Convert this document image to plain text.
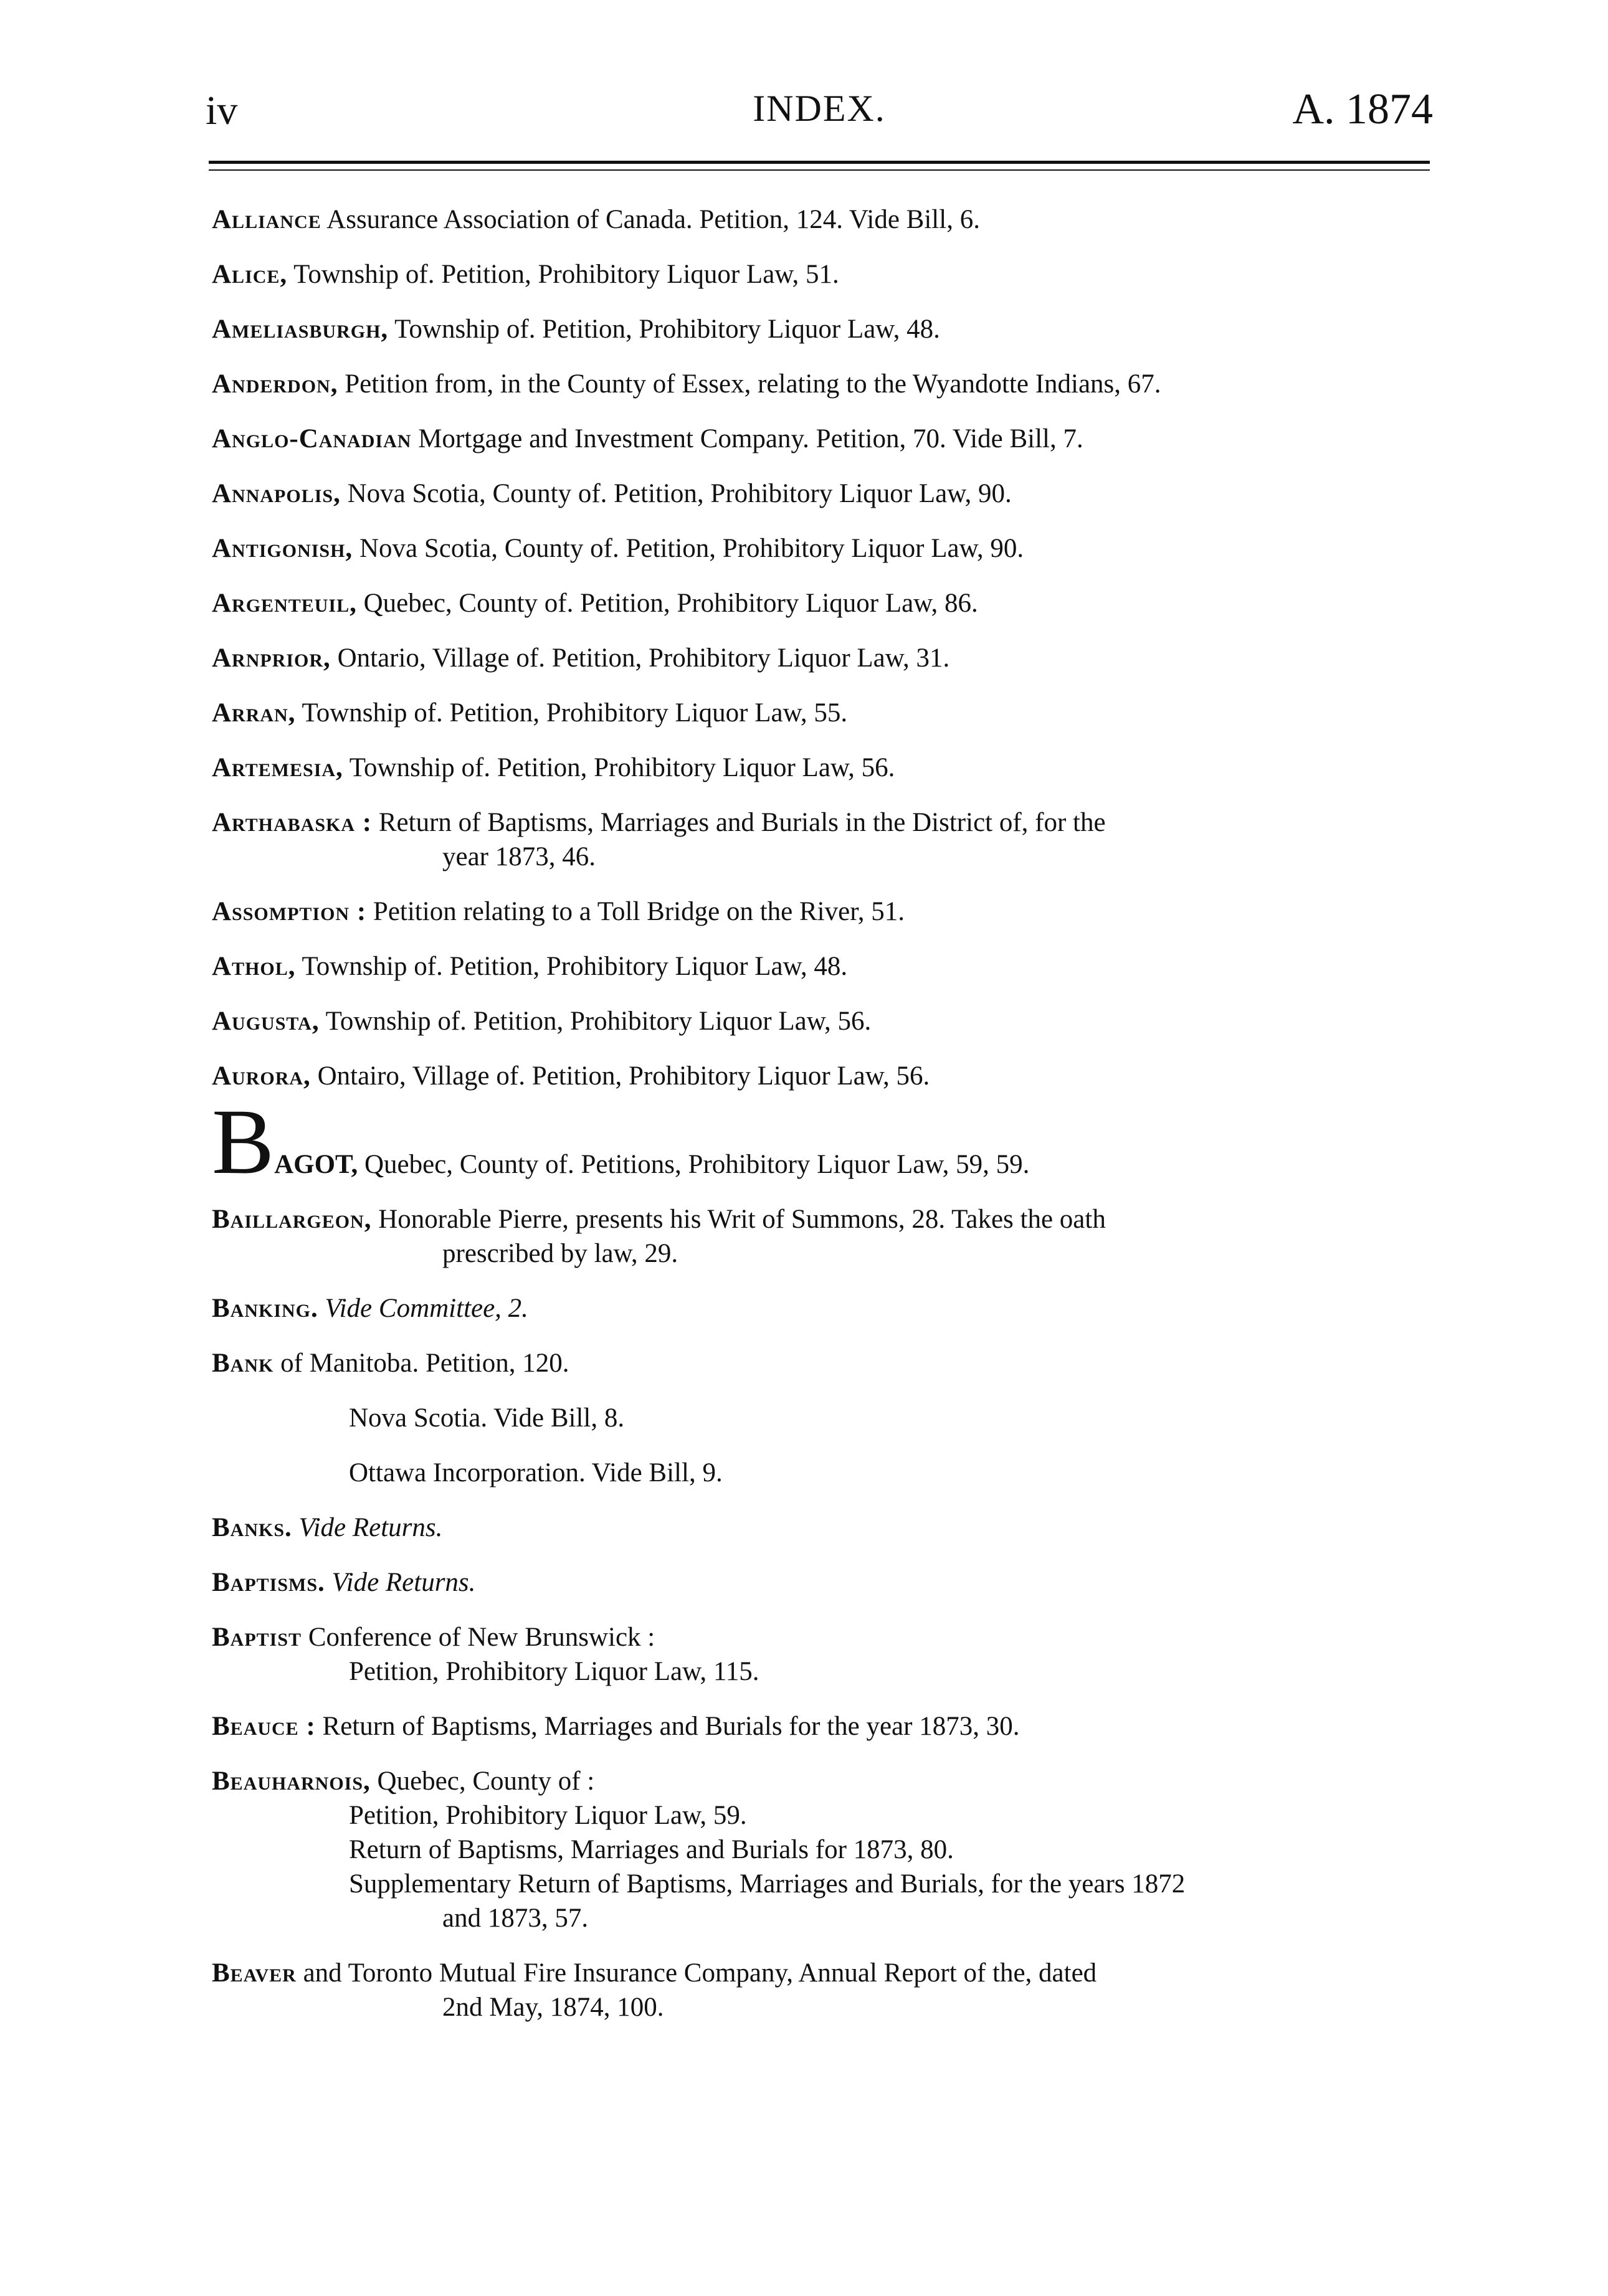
iv	INDEX.	A. 1874

Alliance Assurance Association of Canada. Petition, 124. Vide Bill, 6.

Alice, Township of. Petition, Prohibitory Liquor Law, 51.

Ameliasburgh, Township of. Petition, Prohibitory Liquor Law, 48.

Anderdon, Petition from, in the County of Essex, relating to the Wyandotte Indians, 67.

Anglo-Canadian Mortgage and Investment Company. Petition, 70. Vide Bill, 7.

Annapolis, Nova Scotia, County of. Petition, Prohibitory Liquor Law, 90.

Antigonish, Nova Scotia, County of. Petition, Prohibitory Liquor Law, 90.

Argenteuil, Quebec, County of. Petition, Prohibitory Liquor Law, 86.

Arnprior, Ontario, Village of. Petition, Prohibitory Liquor Law, 31.

Arran, Township of. Petition, Prohibitory Liquor Law, 55.

Artemesia, Township of. Petition, Prohibitory Liquor Law, 56.

Arthabaska : Return of Baptisms, Marriages and Burials in the District of, for the
year 1873, 46.

Assomption : Petition relating to a Toll Bridge on the River, 51.

Athol, Township of. Petition, Prohibitory Liquor Law, 48.

Augusta, Township of. Petition, Prohibitory Liquor Law, 56.

Aurora, Ontairo, Village of. Petition, Prohibitory Liquor Law, 56.

BAGOT, Quebec, County of. Petitions, Prohibitory Liquor Law, 59, 59.

Baillargeon, Honorable Pierre, presents his Writ of Summons, 28. Takes the oath
prescribed by law, 29.

Banking. Vide Committee, 2.

Bank of Manitoba. Petition, 120.

Nova Scotia. Vide Bill, 8.

Ottawa Incorporation. Vide Bill, 9.

Banks. Vide Returns.

Baptisms. Vide Returns.

Baptist Conference of New Brunswick :

Petition, Prohibitory Liquor Law, 115.

Beauce : Return of Baptisms, Marriages and Burials for the year 1873, 30.

Beauharnois, Quebec, County of :

Petition, Prohibitory Liquor Law, 59.

Return of Baptisms, Marriages and Burials for 1873, 80.

Supplementary Return of Baptisms, Marriages and Burials, for the years 1872
and 1873, 57.

Beaver and Toronto Mutual Fire Insurance Company, Annual Report of the, dated
2nd May, 1874, 100.
